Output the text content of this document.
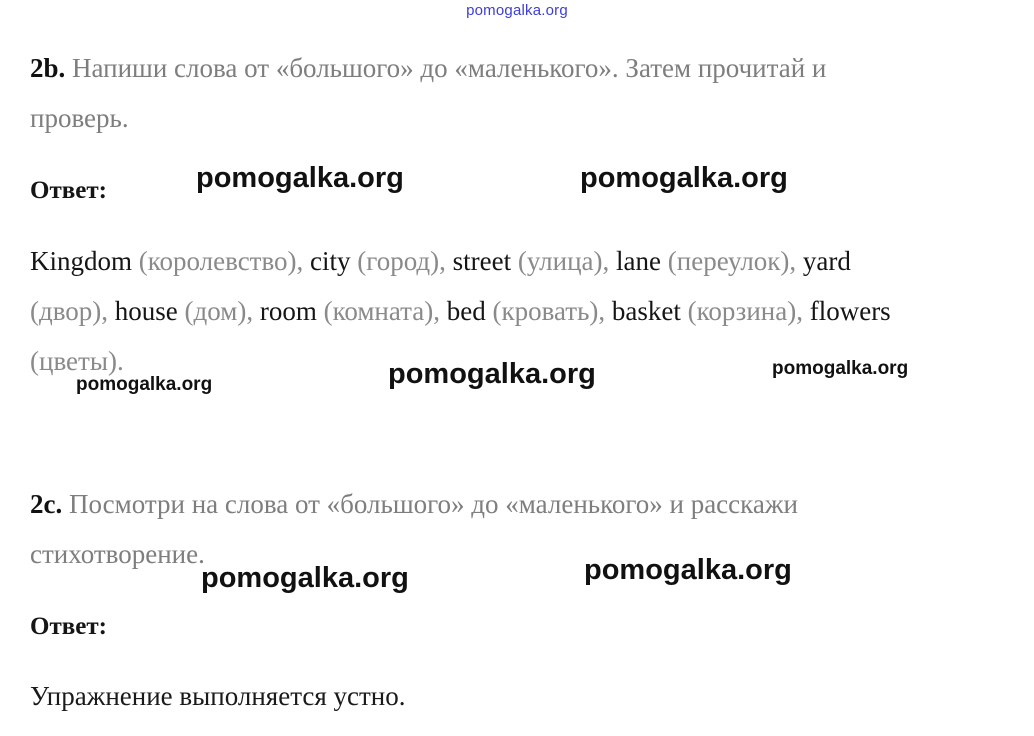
pomogalka.org
2b. Напиши слова от «большого» до «маленького». Затем прочитай и
проверь.
Ответ:
Kingdom (королевство), city (город), street (улица), lane (переулок), yard
(двор), house (дом), room (комната), bed (кровать), basket (корзина), flowers
(цветы).
2c. Посмотри на слова от «большого» до «маленького» и расскажи
стихотворение.
Ответ:
Упражнение выполняется устно.
pomogalka.org	pomogalka.org
pomogalka.org	pomogalka.org	pomogalka.org
pomogalka.org	pomogalka.org
